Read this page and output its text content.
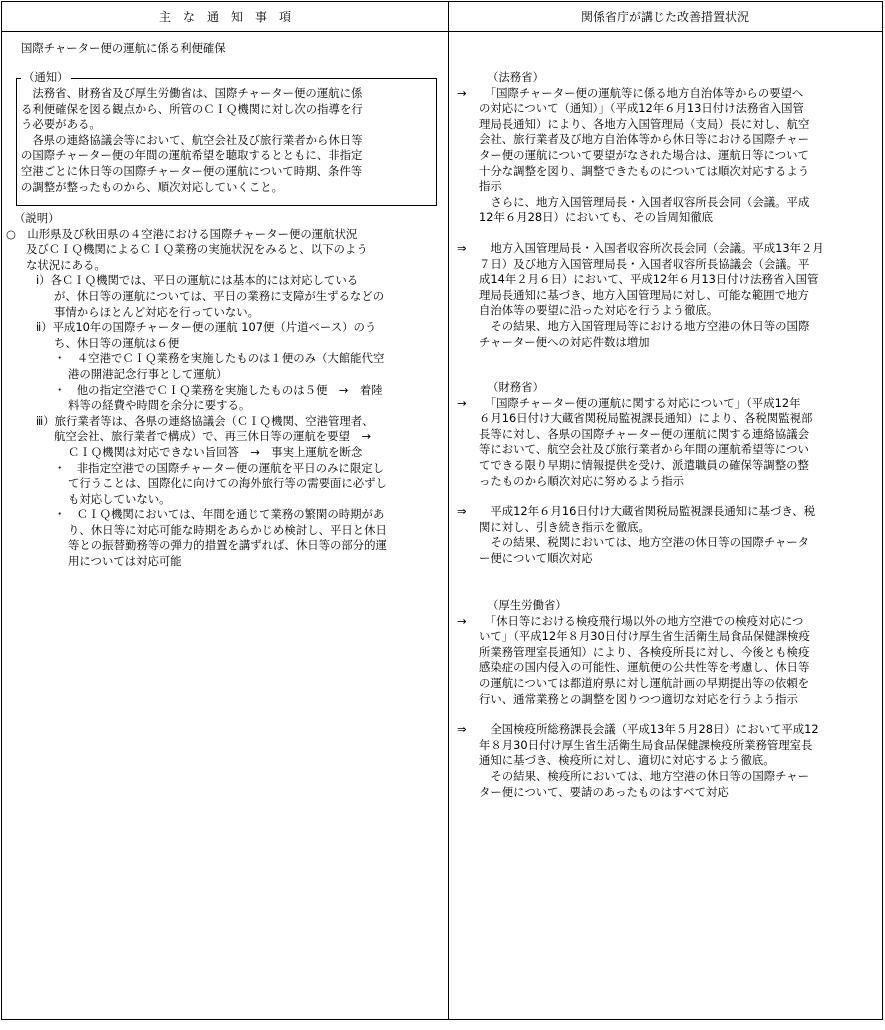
主　な　通　知　事　項	関係省庁が講じた改善措置状況
国際チャーター便の運航に係る利便確保
（通知）
　法務省、財務省及び厚生労働省は、国際チャーター便の運航に係
る利便確保を図る観点から、所管のＣＩＱ機関に対し次の指導を行
う必要がある。
　各県の連絡協議会等において、航空会社及び旅行業者から休日等
の国際チャーター便の年間の運航希望を聴取するとともに、非指定
空港ごとに休日等の国際チャーター便の運航について時期、条件等
の調整が整ったものから、順次対応していくこと。
（説明）
○　山形県及び秋田県の４空港における国際チャーター便の運航状況
及びＣＩＱ機関によるＣＩＱ業務の実施状況をみると、以下のよう
な状況にある。
ⅰ）各ＣＩＱ機関では、平日の運航には基本的には対応している
が、休日等の運航については、平日の業務に支障が生ずるなどの
事情からほとんど対応を行っていない。
ⅱ）平成10年の国際チャーター便の運航 107便（片道ベース）のう
ち、休日等の運航は６便
・　４空港でＣＩＱ業務を実施したものは１便のみ（大館能代空
港の開港記念行事として運航）
・　他の指定空港でＣＩＱ業務を実施したものは５便　→　着陸
料等の経費や時間を余分に要する。
ⅲ）旅行業者等は、各県の連絡協議会（ＣＩＱ機関、空港管理者、
航空会社、旅行業者で構成）で、再三休日等の運航を要望　→
ＣＩＱ機関は対応できない旨回答　→　事実上運航を断念
・　非指定空港での国際チャーター便の運航を平日のみに限定し
て行うことは、国際化に向けての海外旅行等の需要面に必ずし
も対応していない。
・　ＣＩＱ機関においては、年間を通じて業務の繁閑の時期があ
り、休日等に対応可能な時期をあらかじめ検討し、平日と休日
等との振替勤務等の弾力的措置を講ずれば、休日等の部分的運
用については対応可能
（法務省）
→	　「国際チャーター便の運航等に係る地方自治体等からの要望へ
の対応について（通知）」（平成12年６月13日付け法務省入国管
理局長通知）により、各地方入国管理局（支局）長に対し、航空
会社、旅行業者及び地方自治体等から休日等における国際チャー
ター便の運航について要望がなされた場合は、運航日等について
十分な調整を図り、調整できたものについては順次対応するよう
指示
　さらに、地方入国管理局長・入国者収容所長会同（会議。平成
12年６月28日）においても、その旨周知徹底
⇒	　地方入国管理局長・入国者収容所次長会同（会議。平成13年２月
７日）及び地方入国管理局長・入国者収容所長協議会（会議。平
成14年２月６日）において、平成12年６月13日付け法務省入国管
理局長通知に基づき、地方入国管理局に対し、可能な範囲で地方
自治体等の要望に沿った対応を行うよう徹底。
　その結果、地方入国管理局等における地方空港の休日等の国際
チャーター便への対応件数は増加
（財務省）
→	　「国際チャーター便の運航に関する対応について」（平成12年
６月16日付け大蔵省関税局監視課長通知）により、各税関監視部
長等に対し、各県の国際チャーター便の運航に関する連絡協議会
等において、航空会社及び旅行業者から年間の運航希望等につい
てできる限り早期に情報提供を受け、派遣職員の確保等調整の整
ったものから順次対応に努めるよう指示
⇒	　平成12年６月16日付け大蔵省関税局監視課長通知に基づき、税
関に対し、引き続き指示を徹底。
　その結果、税関においては、地方空港の休日等の国際チャータ
ー便について順次対応
（厚生労働省）
→	　「休日等における検疫飛行場以外の地方空港での検疫対応につ
いて」（平成12年８月30日付け厚生省生活衛生局食品保健課検疫
所業務管理室長通知）により、各検疫所長に対し、今後とも検疫
感染症の国内侵入の可能性、運航便の公共性等を考慮し、休日等
の運航については都道府県に対し運航計画の早期提出等の依頼を
行い、通常業務との調整を図りつつ適切な対応を行うよう指示
⇒	　全国検疫所総務課長会議（平成13年５月28日）において平成12
年８月30日付け厚生省生活衛生局食品保健課検疫所業務管理室長
通知に基づき、検疫所に対し、適切に対応するよう徹底。
　その結果、検疫所においては、地方空港の休日等の国際チャー
ター便について、要請のあったものはすべて対応
